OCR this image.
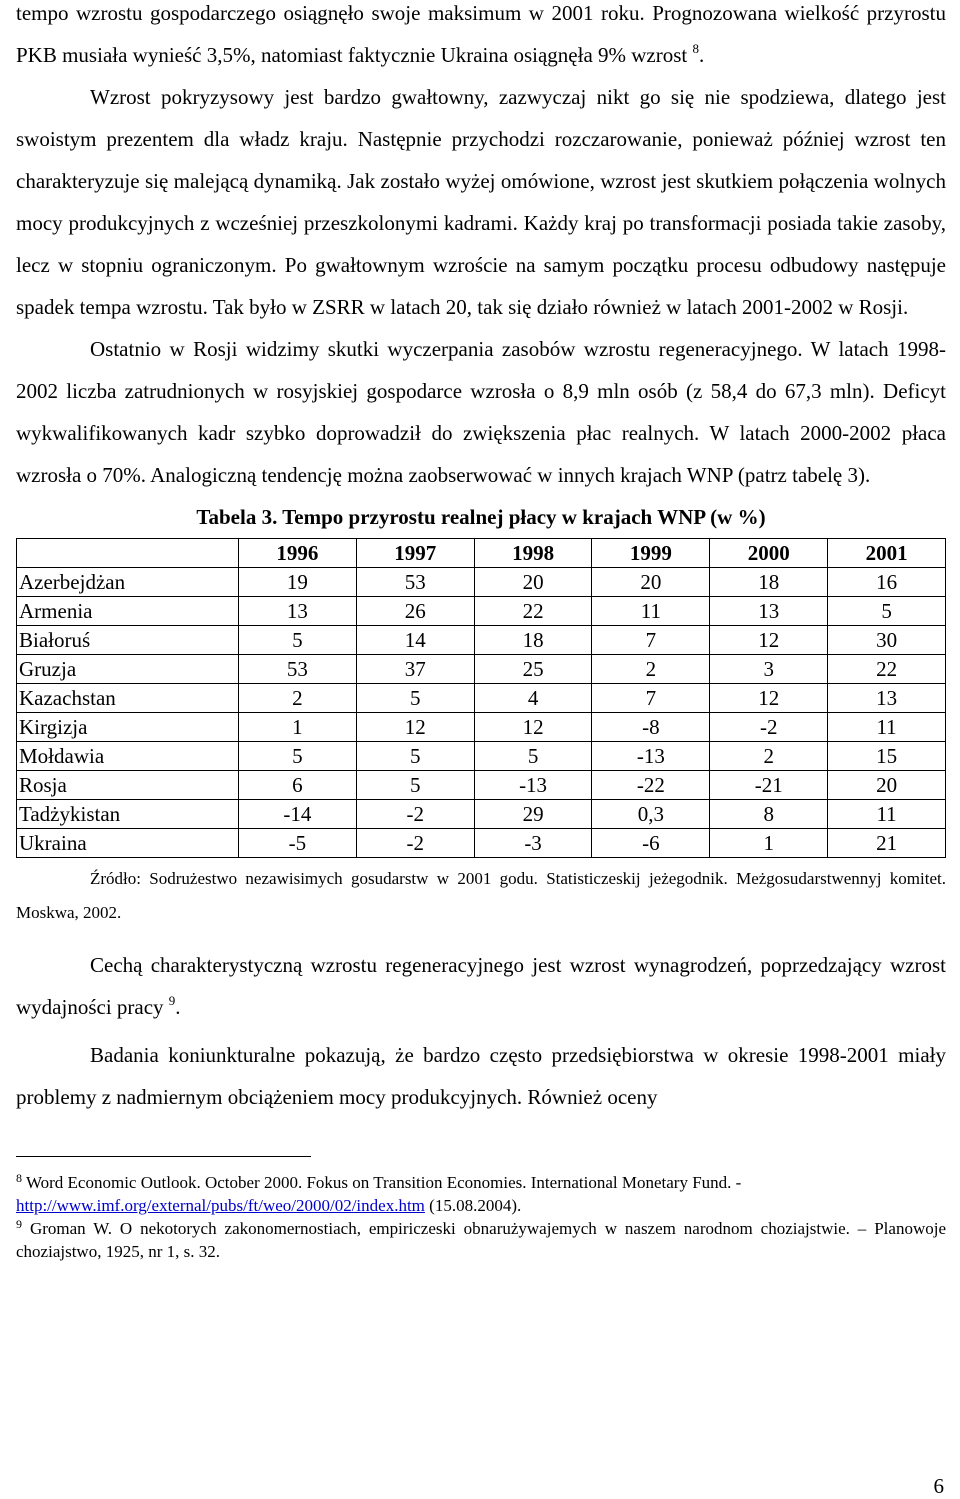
tempo wzrostu gospodarczego osiągnęło swoje maksimum w 2001 roku. Prognozowana wielkość przyrostu PKB musiała wynieść 3,5%, natomiast faktycznie Ukraina osiągnęła 9% wzrost $^8$.

Wzrost pokryzysowy jest bardzo gwałtowny, zazwyczaj nikt go się nie spodziewa, dlatego jest swoistym prezentem dla władz kraju. Następnie przychodzi rozczarowanie, ponieważ później wzrost ten charakteryzuje się malejącą dynamiką. Jak zostało wyżej omówione, wzrost jest skutkiem połączenia wolnych mocy produkcyjnych z wcześniej przeszkolonymi kadrami. Każdy kraj po transformacji posiada takie zasoby, lecz w stopniu ograniczonym. Po gwałtownym wzroście na samym początku procesu odbudowy następuje spadek tempa wzrostu. Tak było w ZSRR w latach 20, tak się działo również w latach 2001-2002 w Rosji.

Ostatnio w Rosji widzimy skutki wyczerpania zasobów wzrostu regeneracyjnego. W latach 1998-2002 liczba zatrudnionych w rosyjskiej gospodarce wzrosła o 8,9 mln osób (z 58,4 do 67,3 mln). Deficyt wykwalifikowanych kadr szybko doprowadził do zwiększenia płac realnych. W latach 2000-2002 płaca wzrosła o 70%. Analogiczną tendencję można zaobserwować w innych krajach WNP (patrz tabelę 3).

Tabela 3. Tempo przyrostu realnej płacy w krajach WNP (w %)
	1996	1997	1998	1999	2000	2001
Azerbejdżan	19	53	20	20	18	16
Armenia	13	26	22	11	13	5
Białoruś	5	14	18	7	12	30
Gruzja	53	37	25	2	3	22
Kazachstan	2	5	4	7	12	13
Kirgizja	1	12	12	-8	-2	11
Mołdawia	5	5	5	-13	2	15
Rosja	6	5	-13	-22	-21	20
Tadżykistan	-14	-2	29	0,3	8	11
Ukraina	-5	-2	-3	-6	1	21
Źródło: Sodrużestwo nezawisimych gosudarstw w 2001 godu. Statisticzeskij jeżegodnik. Meżgosudarstwennyj komitet. Moskwa, 2002.

Cechą charakterystyczną wzrostu regeneracyjnego jest wzrost wynagrodzeń, poprzedzający wzrost wydajności pracy $^9$.

Badania koniunkturalne pokazują, że bardzo często przedsiębiorstwa w okresie 1998-2001 miały problemy z nadmiernym obciążeniem mocy produkcyjnych. Również oceny

$^8$ Word Economic Outlook. October 2000. Fokus on Transition Economies. International Monetary Fund. -
http://www.imf.org/external/pubs/ft/weo/2000/02/index.htm (15.08.2004).

$^9$ Groman W. O nekotorych zakonomernostiach, empiriczeski obnarużywajemych w naszem narodnom choziajstwie. – Planowoje choziajstwo, 1925, nr 1, s. 32.

6
